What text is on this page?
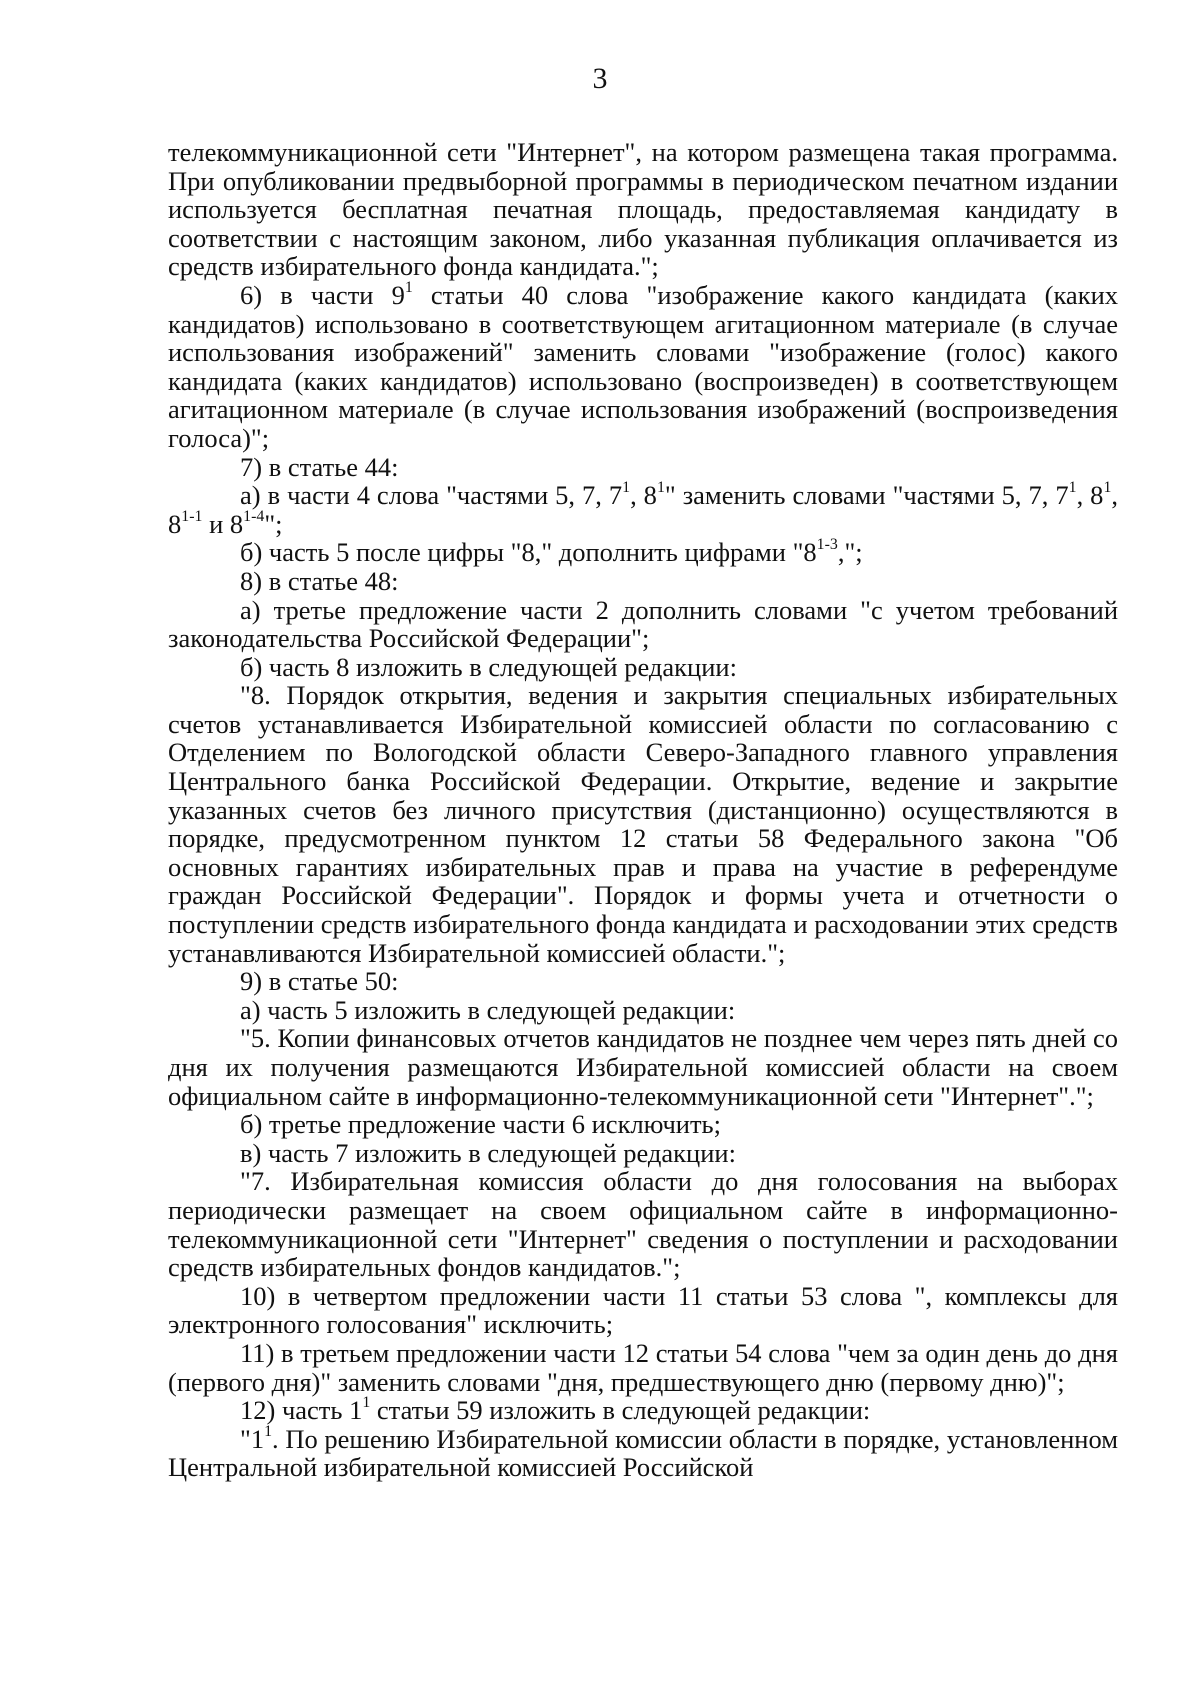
3

телекоммуникационной сети "Интернет", на котором размещена такая программа. При опубликовании предвыборной программы в периодическом печатном издании используется бесплатная печатная площадь, предоставляемая кандидату в соответствии с настоящим законом, либо указанная публикация оплачивается из средств избирательного фонда кандидата.";

6) в части $9^1$ статьи 40 слова "изображение какого кандидата (каких кандидатов) использовано в соответствующем агитационном материале (в случае использования изображений" заменить словами "изображение (голос) какого кандидата (каких кандидатов) использовано (воспроизведен) в соответствующем агитационном материале (в случае использования изображений (воспроизведения голоса)";

7) в статье 44:

а) в части 4 слова "частями 5, 7, $7^1$, $8^1$" заменить словами "частями 5, 7, $7^1$, $8^1$, 8$^{1-1}$ и 8$^{1-4}$";

б) часть 5 после цифры "8," дополнить цифрами "8$^{1-3}$,";

8) в статье 48:

а) третье предложение части 2 дополнить словами "с учетом требований законодательства Российской Федерации";

б) часть 8 изложить в следующей редакции:

"8. Порядок открытия, ведения и закрытия специальных избирательных счетов устанавливается Избирательной комиссией области по согласованию с Отделением по Вологодской области Северо-Западного главного управления Центрального банка Российской Федерации. Открытие, ведение и закрытие указанных счетов без личного присутствия (дистанционно) осуществляются в порядке, предусмотренном пунктом 12 статьи 58 Федерального закона "Об основных гарантиях избирательных прав и права на участие в референдуме граждан Российской Федерации". Порядок и формы учета и отчетности о поступлении средств избирательного фонда кандидата и расходовании этих средств устанавливаются Избирательной комиссией области.";

9) в статье 50:

а) часть 5 изложить в следующей редакции:

"5. Копии финансовых отчетов кандидатов не позднее чем через пять дней со дня их получения размещаются Избирательной комиссией области на своем официальном сайте в информационно-телекоммуникационной сети "Интернет".";

б) третье предложение части 6 исключить;

в) часть 7 изложить в следующей редакции:

"7. Избирательная комиссия области до дня голосования на выборах периодически размещает на своем официальном сайте в информационно-телекоммуникационной сети "Интернет" сведения о поступлении и расходовании средств избирательных фондов кандидатов.";

10) в четвертом предложении части 11 статьи 53 слова ", комплексы для электронного голосования" исключить;

11) в третьем предложении части 12 статьи 54 слова "чем за один день до дня (первого дня)" заменить словами "дня, предшествующего дню (первому дню)";

12) часть $1^1$ статьи 59 изложить в следующей редакции:

"$1^1$. По решению Избирательной комиссии области в порядке, установленном Центральной избирательной комиссией Российской
